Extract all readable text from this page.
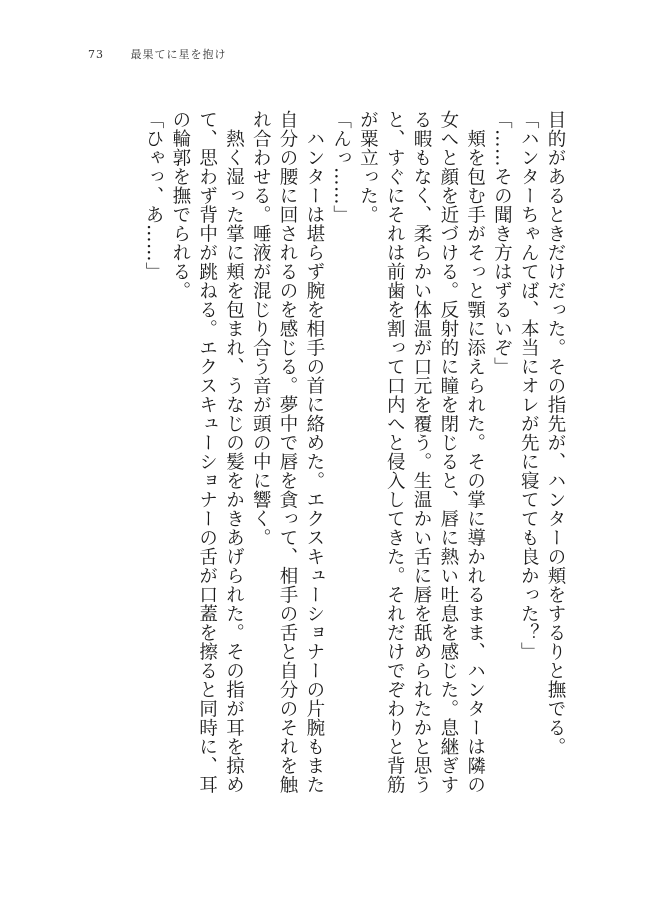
73 最果てに星を抱け

目的があるときだけだった。その指先が、ハンターの頬をするりと撫でる。

「ハンターちゃんてば、本当にオレが先に寝てても良かった？」

「……その聞き方はずるいぞ」

頬を包む手がそっと顎に添えられた。その掌に導かれるまま、ハンターは隣の女へと顔を近づける。反射的に瞳を閉じると、唇に熱い吐息を感じた。息継ぎする暇もなく、柔らかい体温が口元を覆う。生温かい舌に唇を舐められたかと思うと、すぐにそれは前歯を割って口内へと侵入してきた。それだけでぞわりと背筋が粟立った。

「んっ……」

ハンターは堪らず腕を相手の首に絡めた。エクスキューショナーの片腕もまた自分の腰に回されるのを感じる。夢中で唇を貪って、相手の舌と自分のそれを触れ合わせる。唾液が混じり合う音が頭の中に響く。

熱く湿った掌に頬を包まれ、うなじの髪をかきあげられた。その指が耳を掠めて、思わず背中が跳ねる。エクスキューショナーの舌が口蓋を擦ると同時に、耳の輪郭を撫でられる。

「ひゃっ、あ……」
